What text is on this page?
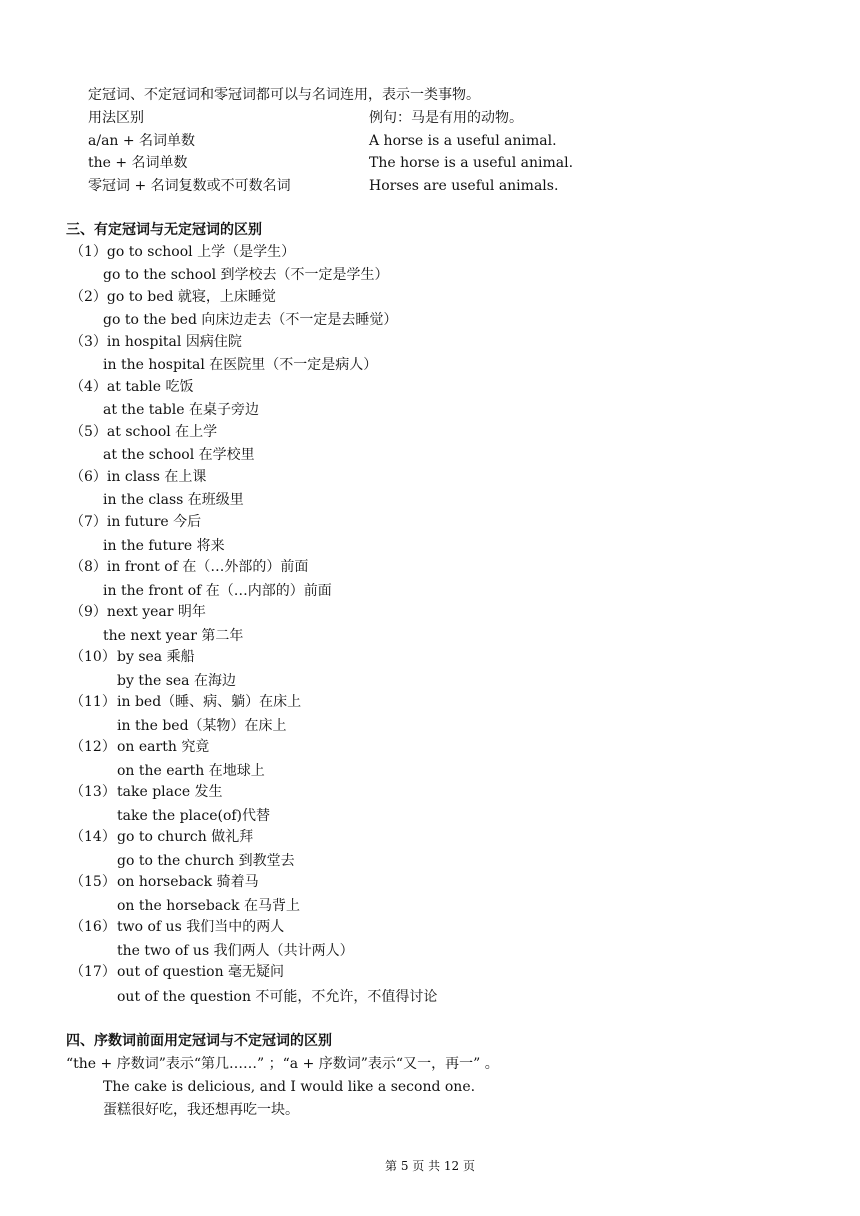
定冠词、不定冠词和零冠词都可以与名词连用，表示一类事物。
用法区别	例句：马是有用的动物。
a/an + 名词单数	A horse is a useful animal.
the + 名词单数	The horse is a useful animal.
零冠词 + 名词复数或不可数名词	Horses are useful animals.
三、有定冠词与无定冠词的区别
（1）go to school 上学（是学生）
go to the school 到学校去（不一定是学生）
（2）go to bed 就寝，上床睡觉
go to the bed 向床边走去（不一定是去睡觉）
（3）in hospital 因病住院
in the hospital 在医院里（不一定是病人）
（4）at table 吃饭
at the table 在桌子旁边
（5）at school 在上学
at the school 在学校里
（6）in class 在上课
in the class 在班级里
（7）in future 今后
in the future 将来
（8）in front of 在（…外部的）前面
in the front of 在（…内部的）前面
（9）next year 明年
the next year 第二年
（10）by sea 乘船
by the sea 在海边
（11）in bed（睡、病、躺）在床上
in the bed（某物）在床上
（12）on earth 究竟
on the earth 在地球上
（13）take place 发生
take the place(of)代替
（14）go to church 做礼拜
go to the church 到教堂去
（15）on horseback 骑着马
on the horseback 在马背上
（16）two of us 我们当中的两人
the two of us 我们两人（共计两人）
（17）out of question 毫无疑问
out of the question 不可能，不允许，不值得讨论
四、序数词前面用定冠词与不定冠词的区别
“the + 序数词”表示“第几……” ；“a + 序数词”表示“又一，再一” 。
The cake is delicious, and I would like a second one.
蛋糕很好吃，我还想再吃一块。
第 5 页 共 12 页
